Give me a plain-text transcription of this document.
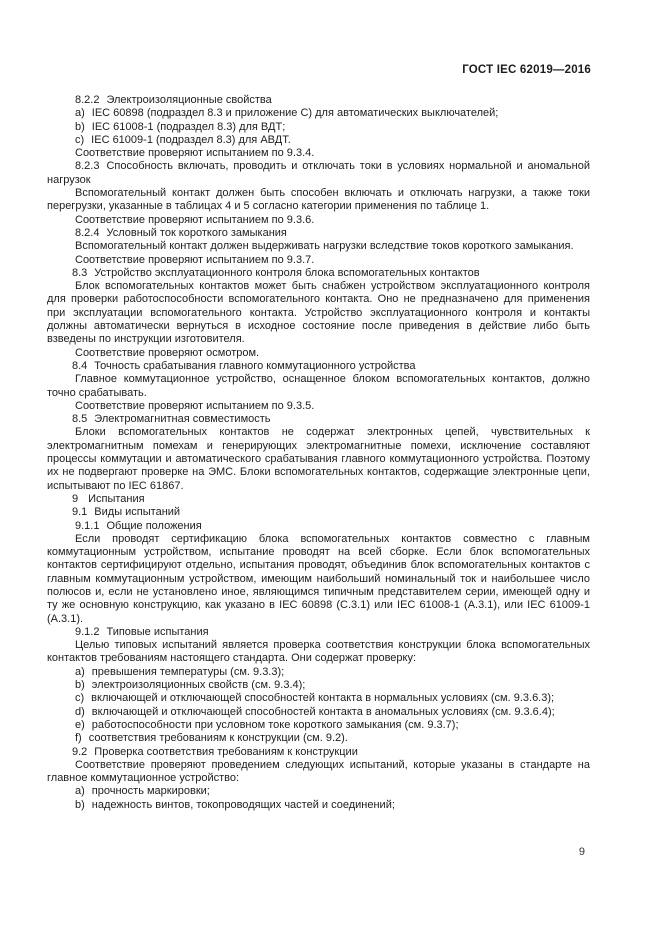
ГОСТ IEC 62019—2016
8.2.2 Электроизоляционные свойства

a) IEC 60898 (подраздел 8.3 и приложение С) для автоматических выключателей;

b) IEC 61008-1 (подраздел 8.3) для ВДТ;

c) IEC 61009-1 (подраздел 8.3) для АВДТ.

Соответствие проверяют испытанием по 9.3.4.

8.2.3 Способность включать, проводить и отключать токи в условиях нормальной и аномальной нагрузок

Вспомогательный контакт должен быть способен включать и отключать нагрузки, а также токи перегрузки, указанные в таблицах 4 и 5 согласно категории применения по таблице 1.

Соответствие проверяют испытанием по 9.3.6.

8.2.4 Условный ток короткого замыкания

Вспомогательный контакт должен выдерживать нагрузки вследствие токов короткого замыкания.

Соответствие проверяют испытанием по 9.3.7.

8.3 Устройство эксплуатационного контроля блока вспомогательных контактов

Блок вспомогательных контактов может быть снабжен устройством эксплуатационного контроля для проверки работоспособности вспомогательного контакта. Оно не предназначено для применения при эксплуатации вспомогательного контакта. Устройство эксплуатационного контроля и контакты должны автоматически вернуться в исходное состояние после приведения в действие либо быть взведены по инструкции изготовителя.

Соответствие проверяют осмотром.

8.4 Точность срабатывания главного коммутационного устройства

Главное коммутационное устройство, оснащенное блоком вспомогательных контактов, должно точно срабатывать.

Соответствие проверяют испытанием по 9.3.5.

8.5 Электромагнитная совместимость

Блоки вспомогательных контактов не содержат электронных цепей, чувствительных к электромагнитным помехам и генерирующих электромагнитные помехи, исключение составляют процессы коммутации и автоматического срабатывания главного коммутационного устройства. Поэтому их не подвергают проверке на ЭМС. Блоки вспомогательных контактов, содержащие электронные цепи, испытывают по IEC 61867.

9 Испытания
9.1 Виды испытаний
9.1.1 Общие положения

Если проводят сертификацию блока вспомогательных контактов совместно с главным коммутационным устройством, испытание проводят на всей сборке. Если блок вспомогательных контактов сертифицируют отдельно, испытания проводят, объединив блок вспомогательных контактов с главным коммутационным устройством, имеющим наибольший номинальный ток и наибольшее число полюсов и, если не установлено иное, являющимся типичным представителем серии, имеющей одну и ту же основную конструкцию, как указано в IEC 60898 (C.3.1) или IEC 61008-1 (A.3.1), или IEC 61009-1 (A.3.1).

9.1.2 Типовые испытания

Целью типовых испытаний является проверка соответствия конструкции блока вспомогательных контактов требованиям настоящего стандарта. Они содержат проверку:

a) превышения температуры (см. 9.3.3);

b) электроизоляционных свойств (см. 9.3.4);

c) включающей и отключающей способностей контакта в нормальных условиях (см. 9.3.6.3);

d) включающей и отключающей способностей контакта в аномальных условиях (см. 9.3.6.4);

e) работоспособности при условном токе короткого замыкания (см. 9.3.7);

f) соответствия требованиям к конструкции (см. 9.2).

9.2 Проверка соответствия требованиям к конструкции

Соответствие проверяют проведением следующих испытаний, которые указаны в стандарте на главное коммутационное устройство:

a) прочность маркировки;

b) надежность винтов, токопроводящих частей и соединений;

9
